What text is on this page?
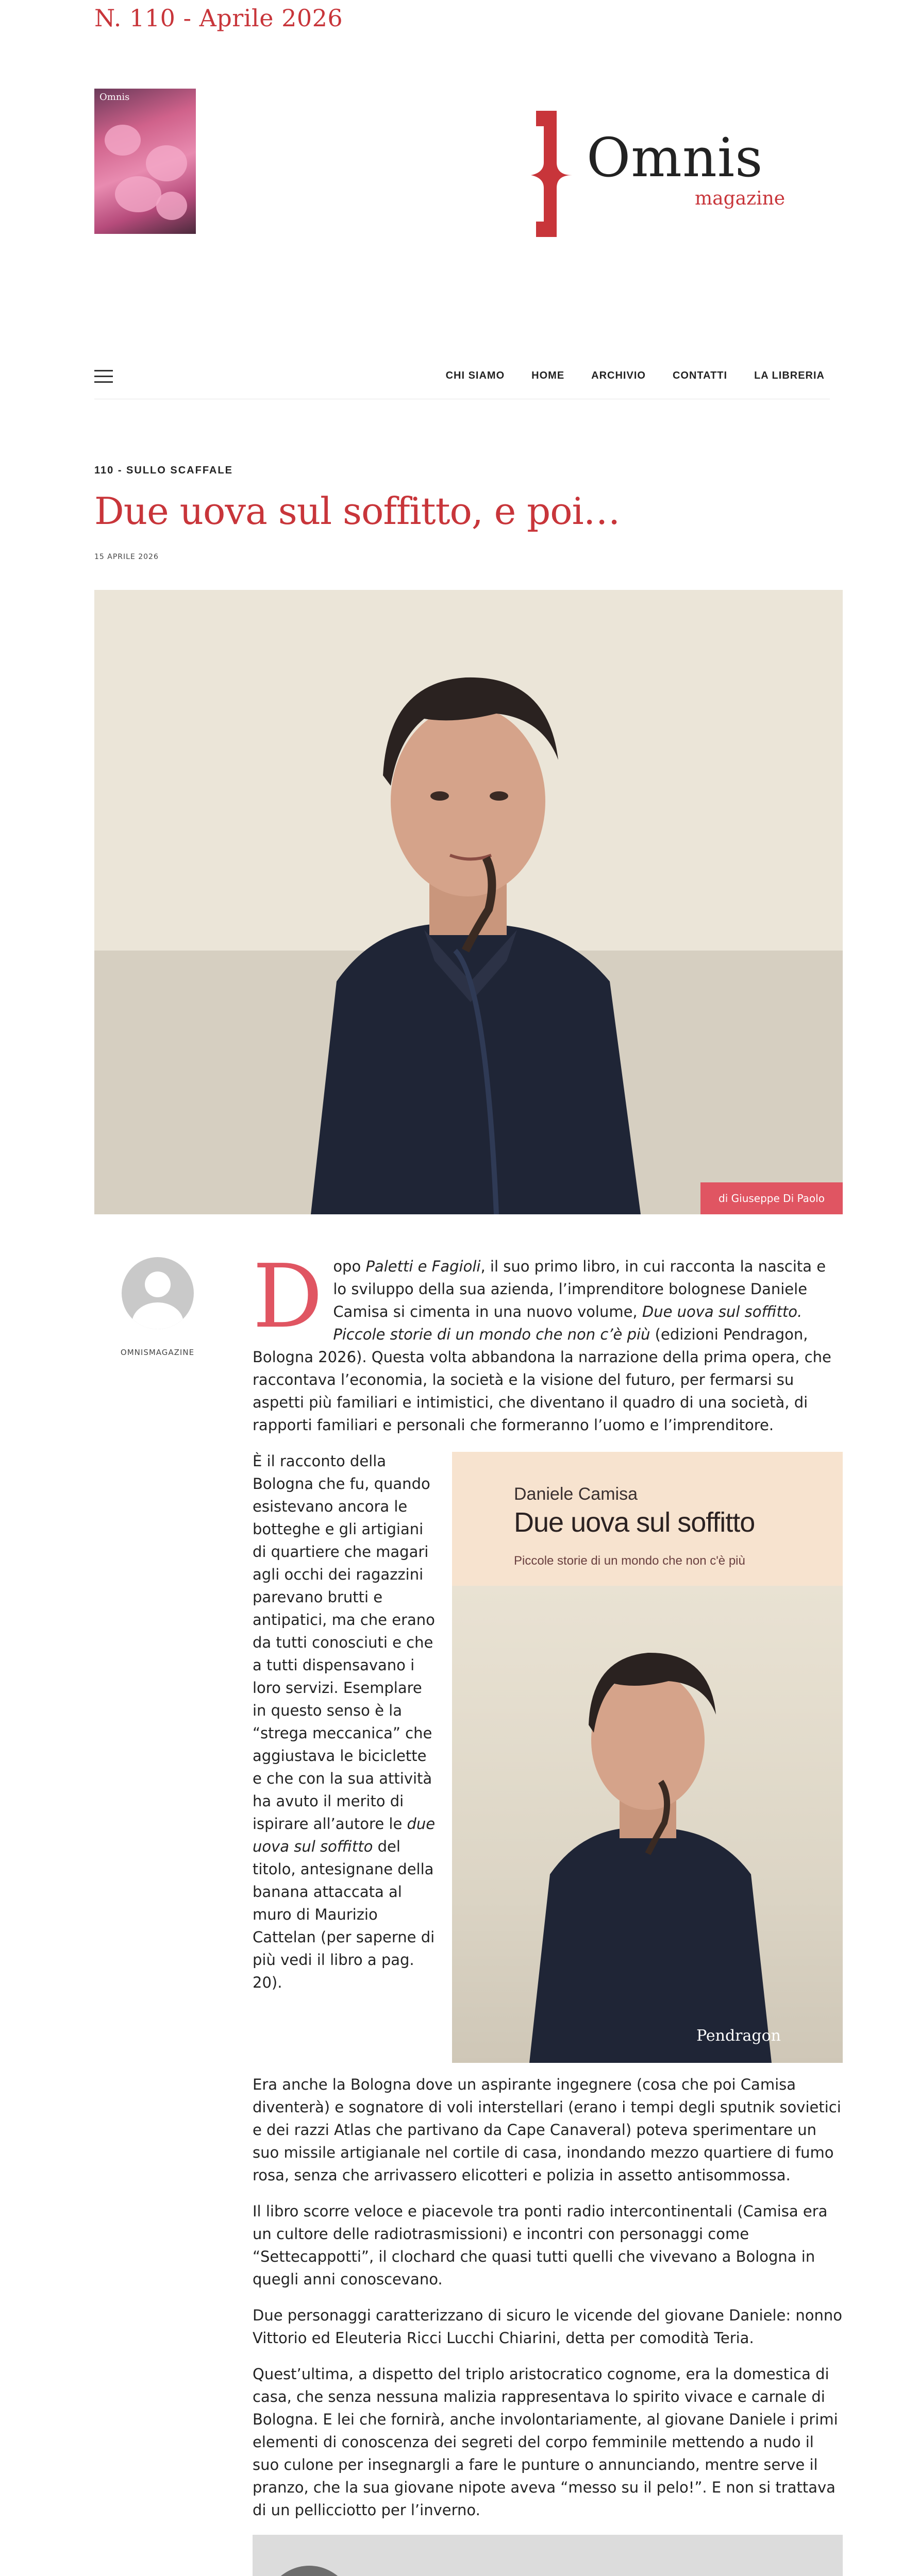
N. 110 - Aprile 2026
Omnis
Omnis
magazine
CHI SIAMO	HOME	ARCHIVIO	CONTATTI	LA LIBRERIA
110 - SULLO SCAFFALE
Due uova sul soffitto, e poi…
15 APRILE 2026
di Giuseppe Di Paolo
OMNISMAGAZINE

D opo Paletti e Fagioli, il suo primo libro, in cui racconta la nascita e lo sviluppo della sua azienda, l’imprenditore bolognese Daniele Camisa si cimenta in una nuovo volume, Due uova sul soffitto. Piccole storie di un mondo che non c’è più (edizioni Pendragon, Bologna 2026). Questa volta abbandona la narrazione della prima opera, che raccontava l’economia, la società e la visione del futuro, per fermarsi su aspetti più familiari e intimistici, che diventano il quadro di una società, di rapporti familiari e personali che formeranno l’uomo e l’imprenditore.

Daniele Camisa
Due uova sul soffitto
Piccole storie di un mondo che non c'è più
Pendragon

È il racconto della Bologna che fu, quando esistevano ancora le botteghe e gli artigiani di quartiere che magari agli occhi dei ragazzini parevano brutti e antipatici, ma che erano da tutti conosciuti e che a tutti dispensavano i loro servizi. Esemplare in questo senso è la “strega meccanica” che aggiustava le biciclette e che con la sua attività ha avuto il merito di ispirare all’autore le due uova sul soffitto del titolo, antesignane della banana attaccata al muro di Maurizio Cattelan (per saperne di più vedi il libro a pag. 20).

Era anche la Bologna dove un aspirante ingegnere (cosa che poi Camisa diventerà) e sognatore di voli interstellari (erano i tempi degli sputnik sovietici e dei razzi Atlas che partivano da Cape Canaveral) poteva sperimentare un suo missile artigianale nel cortile di casa, inondando mezzo quartiere di fumo rosa, senza che arrivassero elicotteri e polizia in assetto antisommossa.

Il libro scorre veloce e piacevole tra ponti radio intercontinentali (Camisa era un cultore delle radiotrasmissioni) e incontri con personaggi come “Settecappotti”, il clochard che quasi tutti quelli che vivevano a Bologna in quegli anni conoscevano.

Due personaggi caratterizzano di sicuro le vicende del giovane Daniele: nonno Vittorio ed Eleuteria Ricci Lucchi Chiarini, detta per comodità Teria.

Quest’ultima, a dispetto del triplo aristocratico cognome, era la domestica di casa, che senza nessuna malizia rappresentava lo spirito vivace e carnale di Bologna. E lei che fornirà, anche involontariamente, al giovane Daniele i primi elementi di conoscenza dei segreti del corpo femminile mettendo a nudo il suo culone per insegnargli a fare le punture o annunciando, mentre serve il pranzo, che la sua giovane nipote aveva “messo su il pelo!”. E non si trattava di un pellicciotto per l’inverno.
